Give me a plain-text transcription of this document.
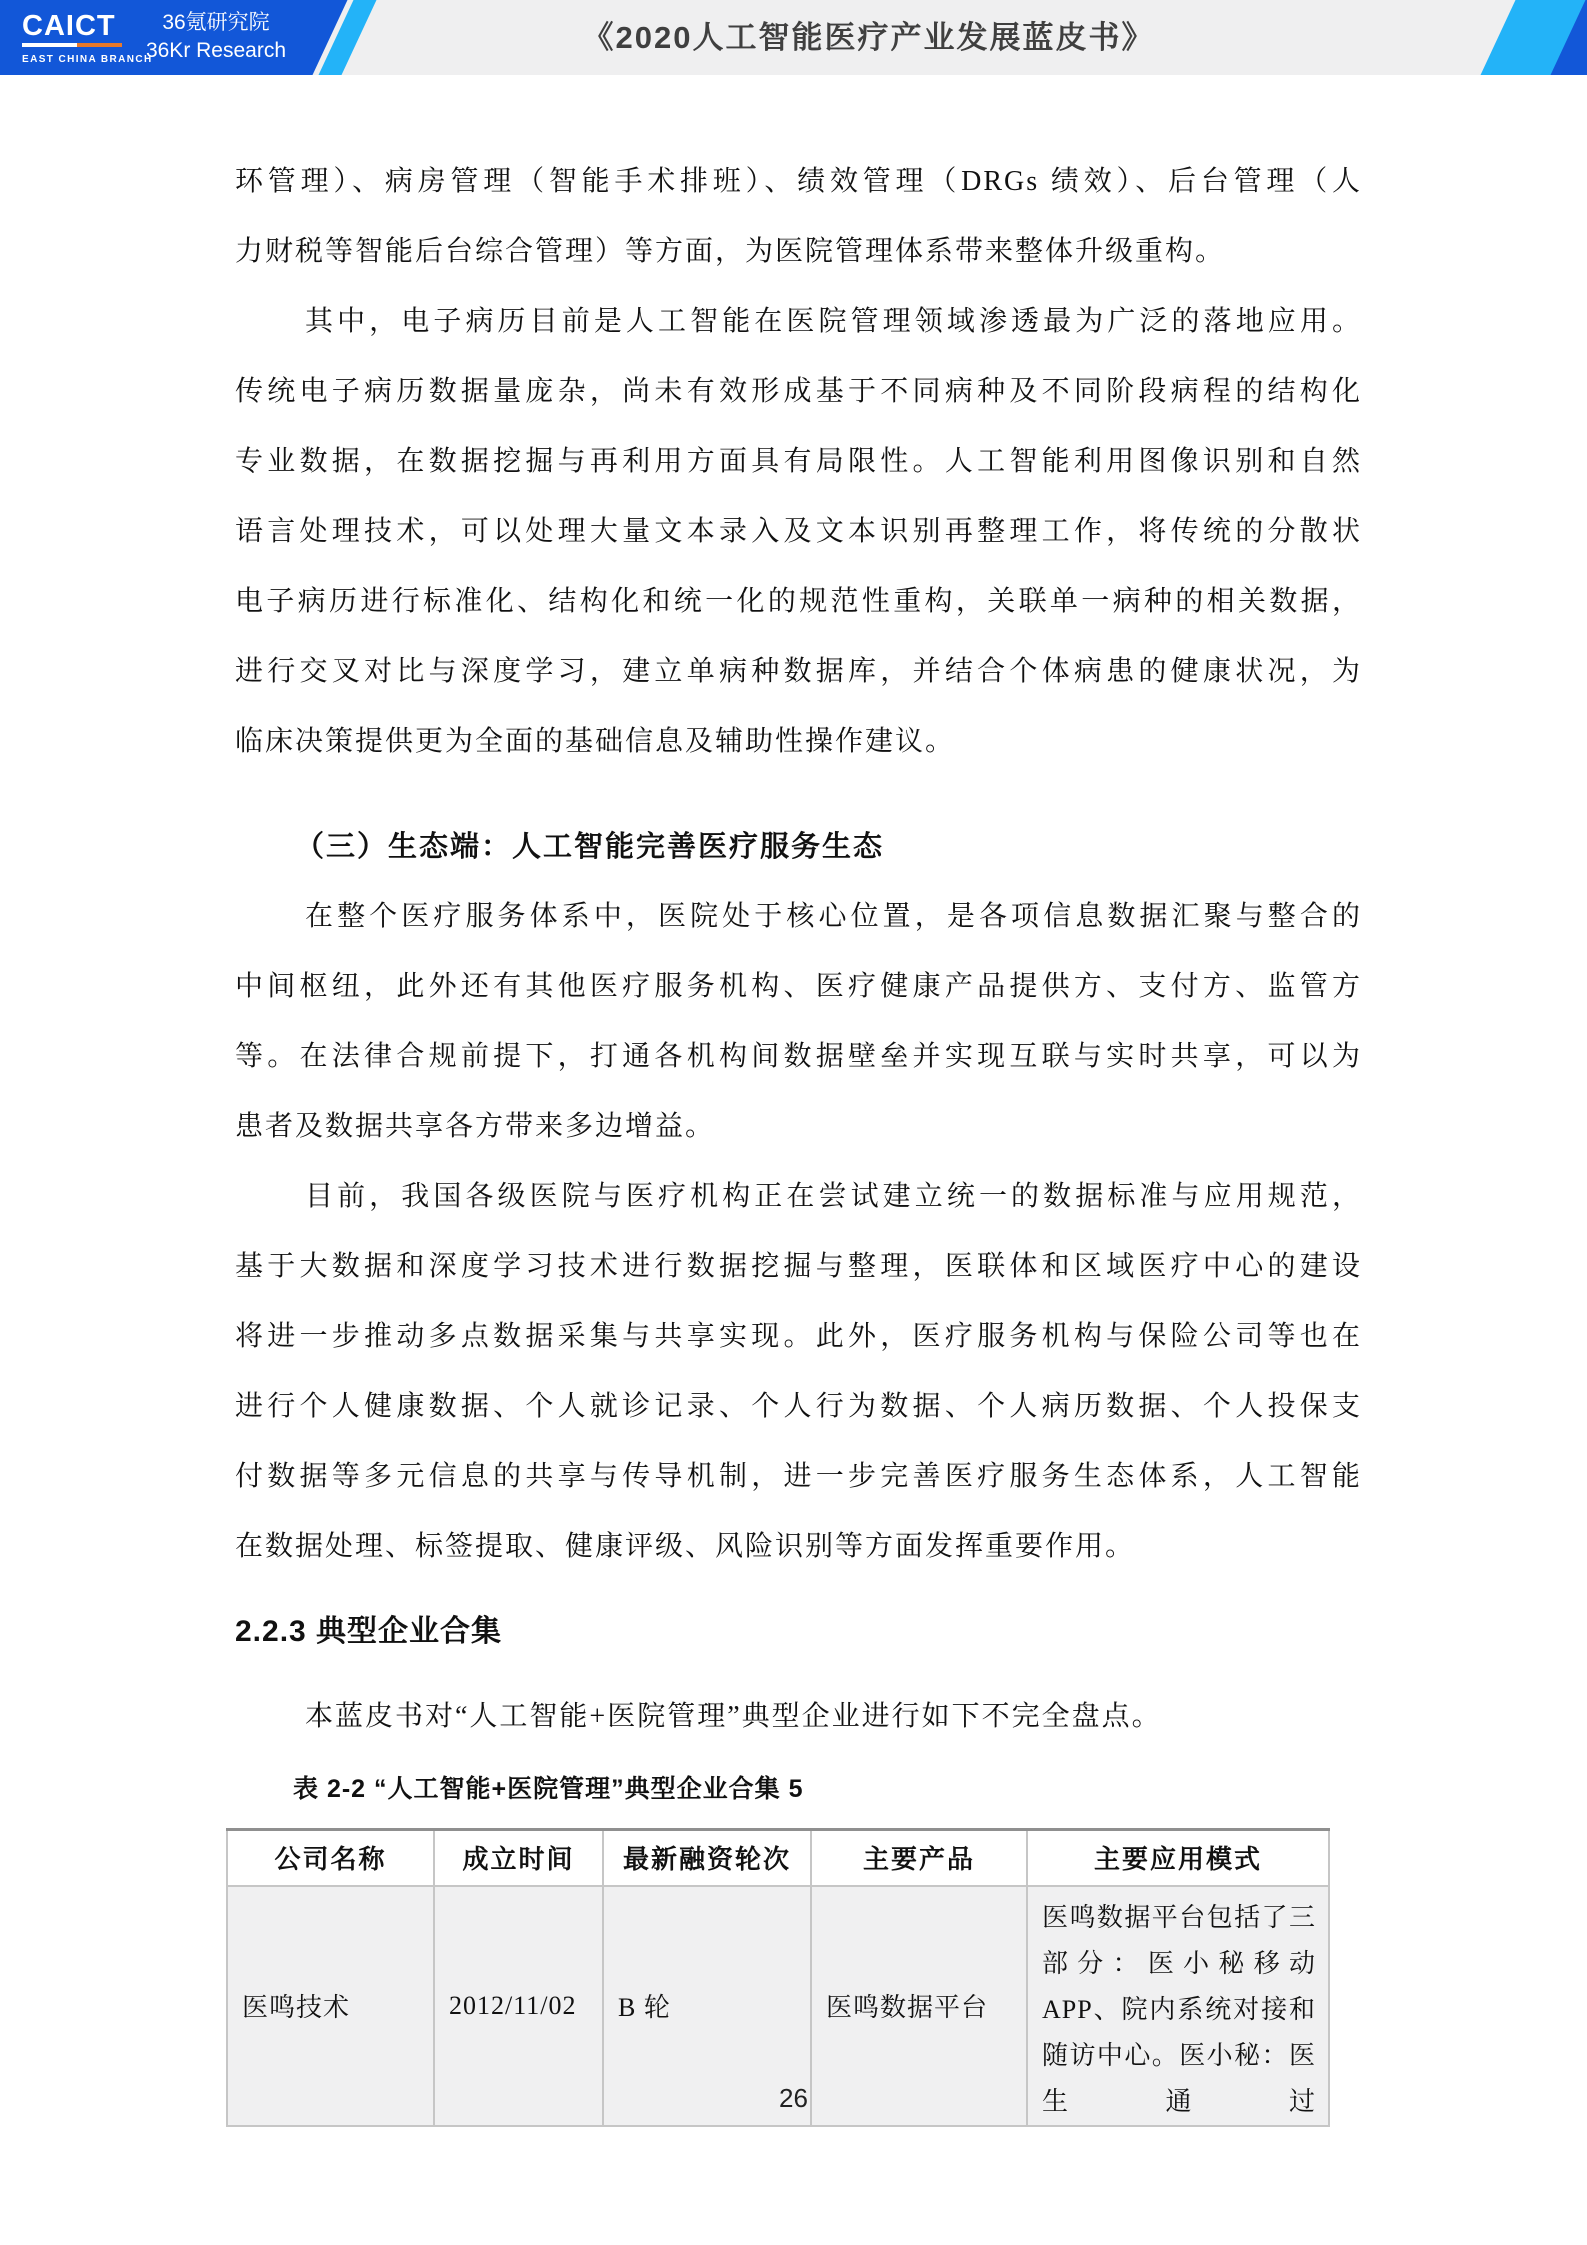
CAICT
EAST CHINA BRANCH
36氪研究院
36Kr Research	《2020人工智能医疗产业发展蓝皮书》
环管理）、病房管理（智能手术排班）、绩效管理（DRGs 绩效）、后台管理（人
力财税等智能后台综合管理）等方面，为医院管理体系带来整体升级重构。
其中，电子病历目前是人工智能在医院管理领域渗透最为广泛的落地应用。
传统电子病历数据量庞杂，尚未有效形成基于不同病种及不同阶段病程的结构化
专业数据，在数据挖掘与再利用方面具有局限性。人工智能利用图像识别和自然
语言处理技术，可以处理大量文本录入及文本识别再整理工作，将传统的分散状
电子病历进行标准化、结构化和统一化的规范性重构，关联单一病种的相关数据，
进行交叉对比与深度学习，建立单病种数据库，并结合个体病患的健康状况，为
临床决策提供更为全面的基础信息及辅助性操作建议。
（三）生态端：人工智能完善医疗服务生态
在整个医疗服务体系中，医院处于核心位置，是各项信息数据汇聚与整合的
中间枢纽，此外还有其他医疗服务机构、医疗健康产品提供方、支付方、监管方
等。在法律合规前提下，打通各机构间数据壁垒并实现互联与实时共享，可以为
患者及数据共享各方带来多边增益。
目前，我国各级医院与医疗机构正在尝试建立统一的数据标准与应用规范，
基于大数据和深度学习技术进行数据挖掘与整理，医联体和区域医疗中心的建设
将进一步推动多点数据采集与共享实现。此外，医疗服务机构与保险公司等也在
进行个人健康数据、个人就诊记录、个人行为数据、个人病历数据、个人投保支
付数据等多元信息的共享与传导机制，进一步完善医疗服务生态体系，人工智能
在数据处理、标签提取、健康评级、风险识别等方面发挥重要作用。
2.2.3 典型企业合集
本蓝皮书对“人工智能+医院管理”典型企业进行如下不完全盘点。
表 2-2 “人工智能+医院管理”典型企业合集 5
公司名称	成立时间	最新融资轮次	主要产品	主要应用模式
医鸣技术	2012/11/02	B 轮	医鸣数据平台	医鸣数据平台包括了三部分：医小秘移动 APP、院内系统对接和随访中心。医小秘：医生通过
26
